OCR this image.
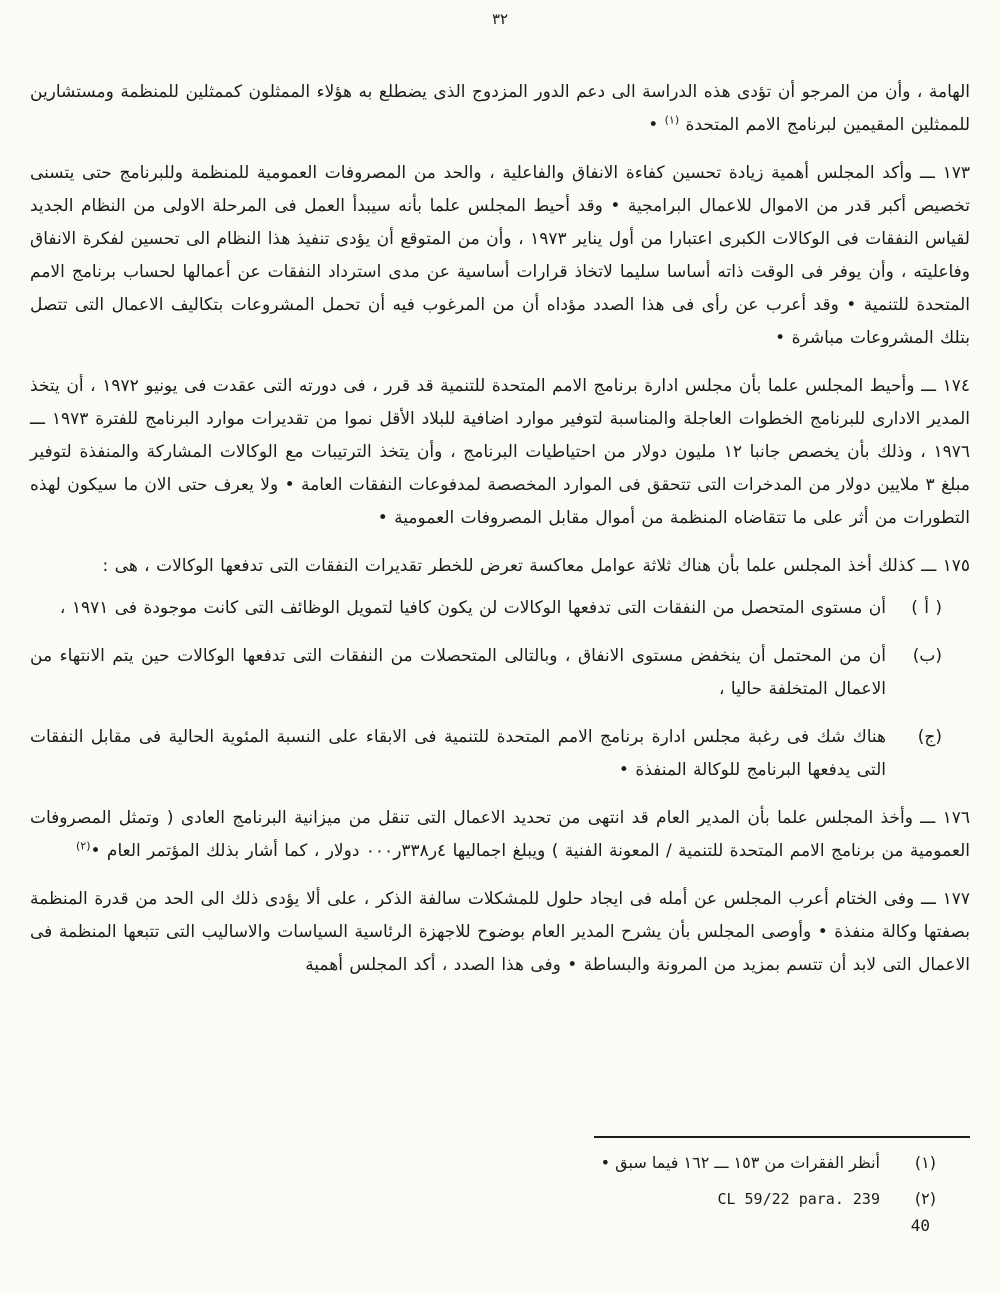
٣٢

الهامة ، وأن من المرجو أن تؤدى هذه الدراسة الى دعم الدور المزدوج الذى يضطلع به هؤلاء الممثلون كممثلين للمنظمة ومستشارين للممثلين المقيمين لبرنامج الامم المتحدة $^{(١)}$ •

١٧٣ ـــ وأكد المجلس أهمية زيادة تحسين كفاءة الانفاق والفاعلية ، والحد من المصروفات العمومية للمنظمة وللبرنامج حتى يتسنى تخصيص أكبر قدر من الاموال للاعمال البرامجية • وقد أحيط المجلس علما بأنه سيبدأ العمل فى المرحلة الاولى من النظام الجديد لقياس النفقات فى الوكالات الكبرى اعتبارا من أول يناير ١٩٧٣ ، وأن من المتوقع أن يؤدى تنفيذ هذا النظام الى تحسين لفكرة الانفاق وفاعليته ، وأن يوفر فى الوقت ذاته أساسا سليما لاتخاذ قرارات أساسية عن مدى استرداد النفقات عن أعمالها لحساب برنامج الامم المتحدة للتنمية • وقد أعرب عن رأى فى هذا الصدد مؤداه أن من المرغوب فيه أن تحمل المشروعات بتكاليف الاعمال التى تتصل بتلك المشروعات مباشرة •

١٧٤ ـــ وأحيط المجلس علما بأن مجلس ادارة برنامج الامم المتحدة للتنمية قد قرر ، فى دورته التى عقدت فى يونيو ١٩٧٢ ، أن يتخذ المدير الادارى للبرنامج الخطوات العاجلة والمناسبة لتوفير موارد اضافية للبلاد الأقل نموا من تقديرات موارد البرنامج للفترة ١٩٧٣ ـــ ١٩٧٦ ، وذلك بأن يخصص جانبا ١٢ مليون دولار من احتياطيات البرنامج ، وأن يتخذ الترتيبات مع الوكالات المشاركة والمنفذة لتوفير مبلغ ٣ ملايين دولار من المدخرات التى تتحقق فى الموارد المخصصة لمدفوعات النفقات العامة • ولا يعرف حتى الان ما سيكون لهذه التطورات من أثر على ما تتقاضاه المنظمة من أموال مقابل المصروفات العمومية •

١٧٥ ـــ كذلك أخذ المجلس علما بأن هناك ثلاثة عوامل معاكسة تعرض للخطر تقديرات النفقات التى تدفعها الوكالات ، هى :

( أ )
أن مستوى المتحصل من النفقات التى تدفعها الوكالات لن يكون كافيا لتمويل الوظائف التى كانت موجودة فى ١٩٧١ ،
(ب)
أن من المحتمل أن ينخفض مستوى الانفاق ، وبالتالى المتحصلات من النفقات التى تدفعها الوكالات حين يتم الانتهاء من الاعمال المتخلفة حاليا ،
(ج)
هناك شك فى رغبة مجلس ادارة برنامج الامم المتحدة للتنمية فى الابقاء على النسبة المئوية الحالية فى مقابل النفقات التى يدفعها البرنامج للوكالة المنفذة •

١٧٦ ـــ وأخذ المجلس علما بأن المدير العام قد انتهى من تحديد الاعمال التى تنقل من ميزانية البرنامج العادى ( وتمثل المصروفات العمومية من برنامج الامم المتحدة للتنمية / المعونة الفنية ) ويبلغ اجماليها ٤ر٣٣٨ر٠٠٠ دولار ، كما أشار بذلك المؤتمر العام •$^{(٢)}$

١٧٧ ـــ وفى الختام أعرب المجلس عن أمله فى ايجاد حلول للمشكلات سالفة الذكر ، على ألا يؤدى ذلك الى الحد من قدرة المنظمة بصفتها وكالة منفذة • وأوصى المجلس بأن يشرح المدير العام بوضوح للاجهزة الرئاسية السياسات والاساليب التى تتبعها المنظمة فى الاعمال التى لابد أن تتسم بمزيد من المرونة والبساطة • وفى هذا الصدد ، أكد المجلس أهمية

(١)
أنظر الفقرات من ١٥٣ ـــ ١٦٢ فيما سبق •
(٢)
CL 59/22 para. 239
40
